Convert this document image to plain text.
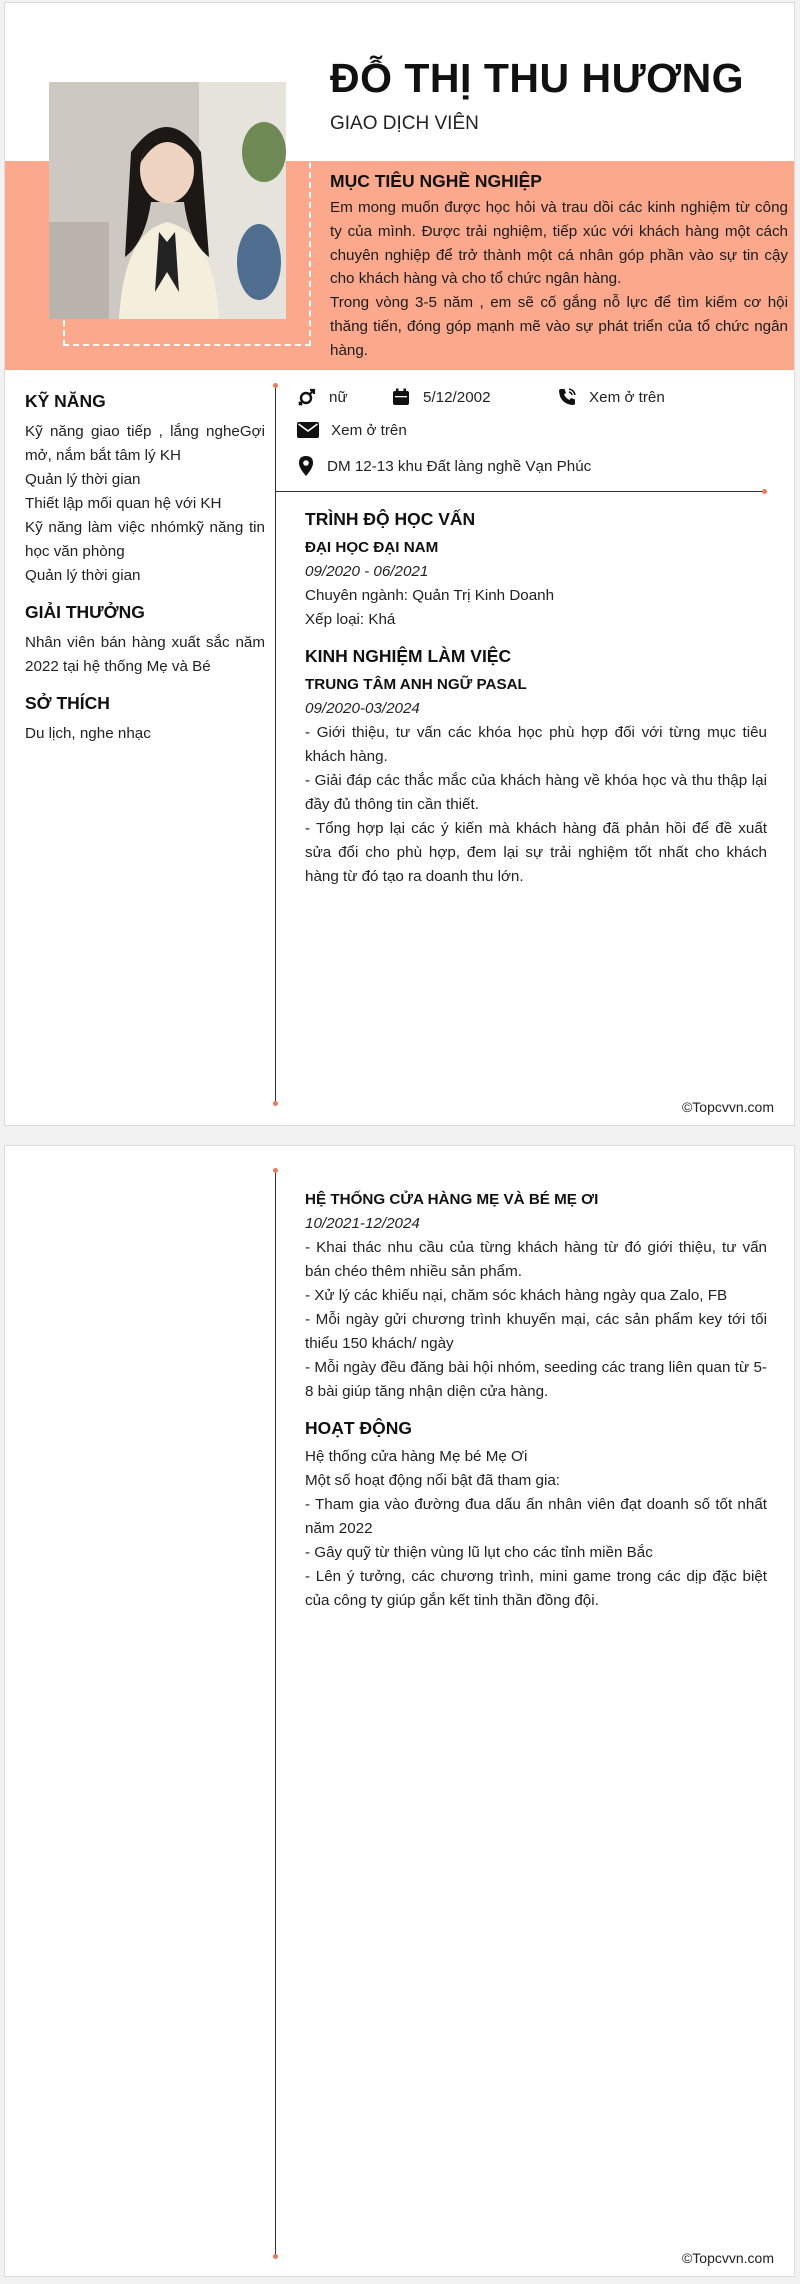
ĐỖ THỊ THU HƯƠNG
GIAO DỊCH VIÊN
MỤC TIÊU NGHỀ NGHIỆP

Em mong muốn được học hỏi và trau dồi các kinh nghiệm từ công ty của mình. Được trải nghiệm, tiếp xúc với khách hàng một cách chuyên nghiệp để trở thành một cá nhân góp phần vào sự tin cậy cho khách hàng và cho tổ chức ngân hàng.

Trong vòng 3-5 năm , em sẽ cố gắng nỗ lực để tìm kiếm cơ hội thăng tiến, đóng góp mạnh mẽ vào sự phát triển của tổ chức ngân hàng.

KỸ NĂNG
Kỹ năng giao tiếp , lắng ngheGợi mở, nắm bắt tâm lý KH
Quản lý thời gian
Thiết lập mối quan hệ với KH
Kỹ năng làm việc nhómkỹ năng tin học văn phòng
Quản lý thời gian
GIẢI THƯỞNG
Nhân viên bán hàng xuất sắc năm 2022 tại hệ thống Mẹ và Bé
SỞ THÍCH
Du lịch, nghe nhạc
nữ	5/12/2002	Xem ở trên
Xem ở trên
DM 12-13 khu Đất làng nghề Vạn Phúc
TRÌNH ĐỘ HỌC VẤN
ĐẠI HỌC ĐẠI NAM
09/2020 - 06/2021
Chuyên ngành: Quản Trị Kinh Doanh
Xếp loại: Khá
KINH NGHIỆM LÀM VIỆC
TRUNG TÂM ANH NGỮ PASAL
09/2020-03/2024
- Giới thiệu, tư vấn các khóa học phù hợp đối với từng mục tiêu khách hàng.
- Giải đáp các thắc mắc của khách hàng về khóa học và thu thập lại đầy đủ thông tin cần thiết.
- Tổng hợp lại các ý kiến mà khách hàng đã phản hồi để đề xuất sửa đổi cho phù hợp, đem lại sự trải nghiệm tốt nhất cho khách hàng từ đó tạo ra doanh thu lớn.
©Topcvvn.com
HỆ THỐNG CỬA HÀNG MẸ VÀ BÉ MẸ ƠI
10/2021-12/2024
- Khai thác nhu cầu của từng khách hàng từ đó giới thiệu, tư vấn bán chéo thêm nhiều sản phẩm.
- Xử lý các khiếu nại, chăm sóc khách hàng ngày qua Zalo, FB
- Mỗi ngày gửi chương trình khuyến mại, các sản phẩm key tới tối thiểu 150 khách/ ngày
- Mỗi ngày đều đăng bài hội nhóm, seeding các trang liên quan từ 5-8 bài giúp tăng nhận diện cửa hàng.
HOẠT ĐỘNG
Hệ thống cửa hàng Mẹ bé Mẹ Ơi
Một số hoạt động nổi bật đã tham gia:
- Tham gia vào đường đua dấu ấn nhân viên đạt doanh số tốt nhất năm 2022
- Gây quỹ từ thiện vùng lũ lụt cho các tỉnh miền Bắc
- Lên ý tưởng, các chương trình, mini game trong các dịp đặc biệt của công ty giúp gắn kết tinh thần đồng đội.
©Topcvvn.com
